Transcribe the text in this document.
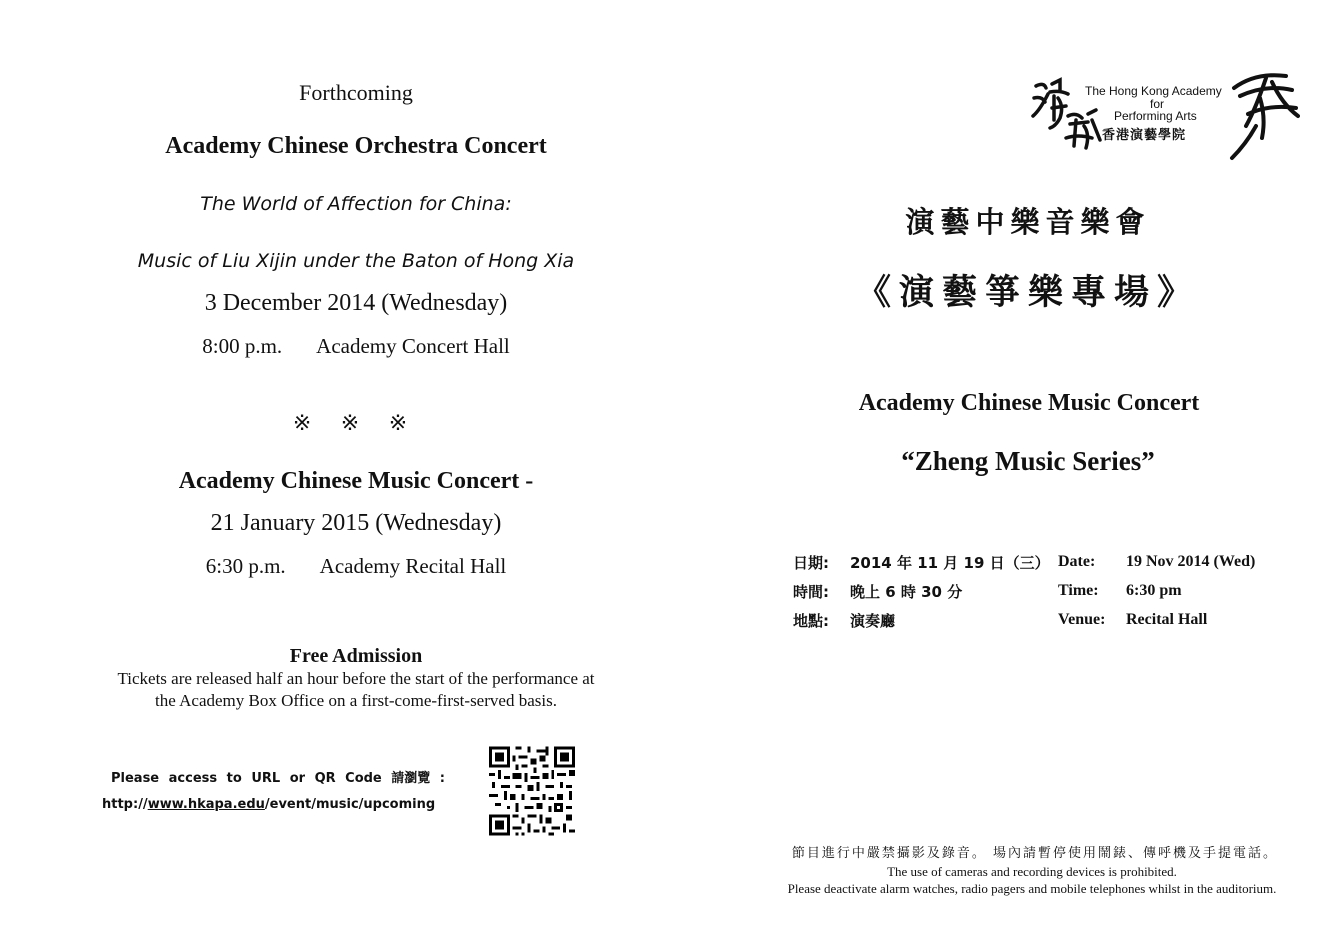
Forthcoming
Academy Chinese Orchestra Concert
The World of Affection for China:
Music of Liu Xijin under the Baton of Hong Xia
3 December 2014 (Wednesday)
8:00 p.m. Academy Concert Hall
※ ※ ※
Academy Chinese Music Concert -
21 January 2015 (Wednesday)
6:30 p.m. Academy Recital Hall
Free Admission
Tickets are released half an hour before the start of the performance at
the Academy Box Office on a first-come-first-served basis.
Please access to URL or QR Code 請瀏覽 :
http://www.hkapa.edu/event/music/upcoming
The Hong Kong Academy
for
Performing Arts
香港演藝學院
演藝中樂音樂會
《演藝箏樂專場》
Academy Chinese Music Concert
“Zheng Music Series”
日期: 2014 年 11 月 19 日（三）
時間: 晚上 6 時 30 分
地點: 演奏廳
Date: 19 Nov 2014 (Wed)
Time: 6:30 pm
Venue: Recital Hall
節目進行中嚴禁攝影及錄音。 場內請暫停使用鬧錶、傳呼機及手提電話。
The use of cameras and recording devices is prohibited.
Please deactivate alarm watches, radio pagers and mobile telephones whilst in the auditorium.
